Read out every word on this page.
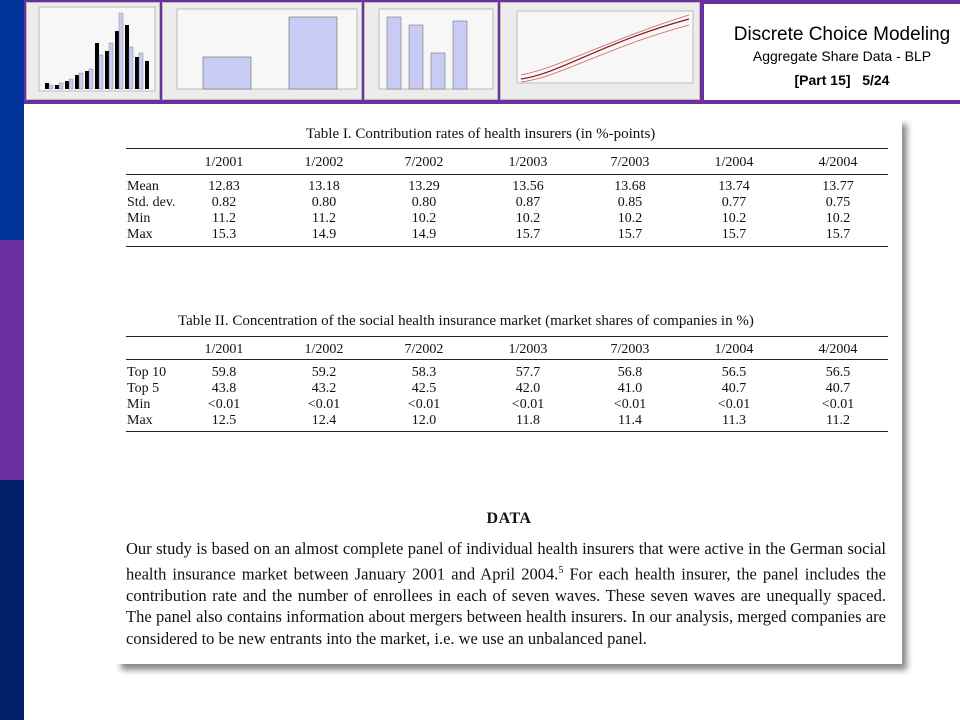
Discrete Choice Modeling
Aggregate Share Data - BLP
[Part 15] 5/24
Table I. Contribution rates of health insurers (in %-points)
1/2001	1/2002	7/2002	1/2003	7/2003	1/2004	4/2004
Mean	12.83	13.18	13.29	13.56	13.68	13.74	13.77
Std. dev.	0.82	0.80	0.80	0.87	0.85	0.77	0.75
Min	11.2	11.2	10.2	10.2	10.2	10.2	10.2
Max	15.3	14.9	14.9	15.7	15.7	15.7	15.7
Table II. Concentration of the social health insurance market (market shares of companies in %)
1/2001	1/2002	7/2002	1/2003	7/2003	1/2004	4/2004
Top 10	59.8	59.2	58.3	57.7	56.8	56.5	56.5
Top 5	43.8	43.2	42.5	42.0	41.0	40.7	40.7
Min	<0.01	<0.01	<0.01	<0.01	<0.01	<0.01	<0.01
Max	12.5	12.4	12.0	11.8	11.4	11.3	11.2
DATA
Our study is based on an almost complete panel of individual health insurers that were active in the German social health insurance market between January 2001 and April 2004.$^5$ For each health insurer, the panel includes the contribution rate and the number of enrollees in each of seven waves. These seven waves are unequally spaced. The panel also contains information about mergers between health insurers. In our analysis, merged companies are considered to be new entrants into the market, i.e. we use an unbalanced panel.
